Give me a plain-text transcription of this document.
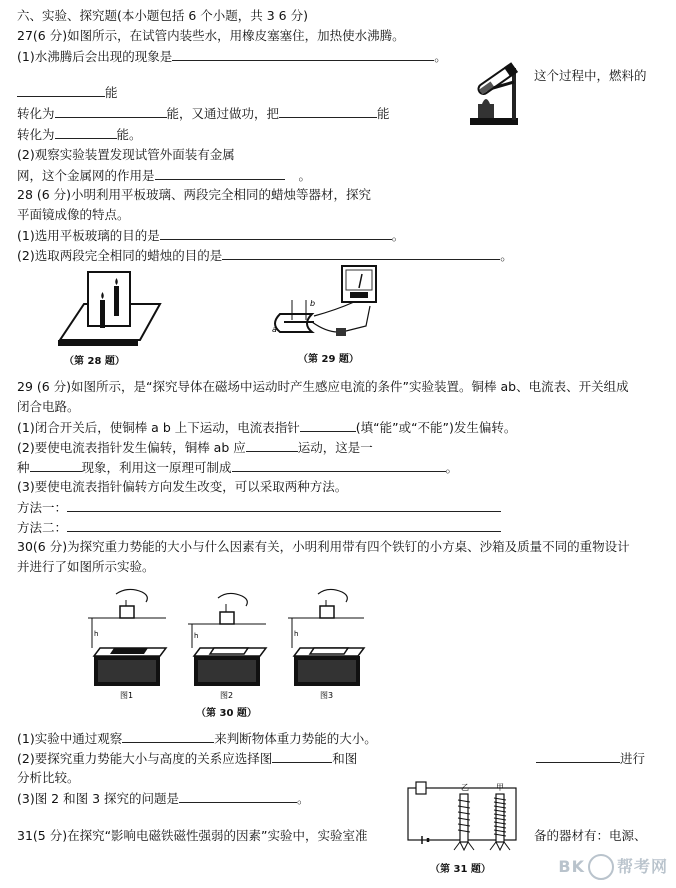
六、实验、探究题(本小题包括 6 个小题，共 3 6 分)
27(6 分)如图所示，在试管内装些水，用橡皮塞塞住，加热使水沸腾。
(1)水沸腾后会出现的现象是	。
这个过程中，燃料的
能
转化为	能，又通过做功，把	能
转化为	能。
(2)观察实验装置发现试管外面装有金属
网，这个金属网的作用是	。
28 (6 分)小明利用平板玻璃、两段完全相同的蜡烛等器材，探究
平面镜成像的特点。
(1)选用平板玻璃的目的是	。
(2)选取两段完全相同的蜡烛的目的是	。
（第 28 题）
b
a
（第 29 题）
29 (6 分)如图所示，是“探究导体在磁场中运动时产生感应电流的条件”实验装置。铜棒 ab、电流表、开关组成
闭合电路。
(1)闭合开关后，使铜棒 a b 上下运动，电流表指针	(填“能”或“不能”)发生偏转。
(2)要使电流表指针发生偏转，铜棒 ab 应	运动，这是一
种	现象，利用这一原理可制成	。
(3)要使电流表指针偏转方向发生改变，可以采取两种方法。
方法一：
方法二：
30(6 分)为探究重力势能的大小与什么因素有关，小明利用带有四个铁钉的小方桌、沙箱及质量不同的重物设计
并进行了如图所示实验。
h	h	h
图1	图2	图3
（第 30 题）
(1)实验中通过观察	来判断物体重力势能的大小。
(2)要探究重力势能大小与高度的关系应选择图	和图	进行
分析比较。
(3)图 2 和图 3 探究的问题是	。
乙	甲
31(5 分)在探究“影响电磁铁磁性强弱的因素”实验中，实验室准	备的器材有：电源、
（第 31 题）	BK 帮考网
